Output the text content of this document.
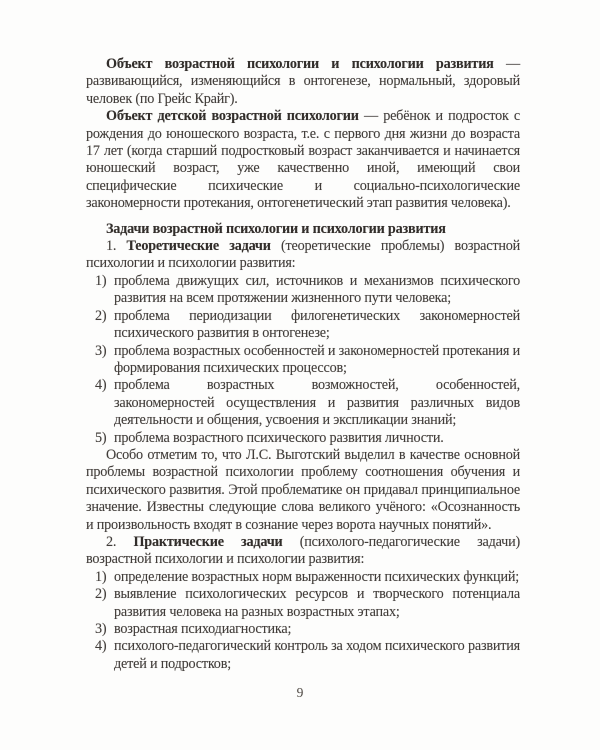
Объект возрастной психологии и психологии развития — развивающийся, изменяющийся в онтогенезе, нормальный, здоровый человек (по Грейс Крайг).

Объект детской возрастной психологии — ребёнок и подросток с рождения до юношеского возраста, т.е. с первого дня жизни до возраста 17 лет (когда старший подростковый возраст заканчивается и начинается юношеский возраст, уже качественно иной, имеющий свои специфические психические и социально-психологические закономерности протекания, онтогенетический этап развития человека).

Задачи возрастной психологии и психологии развития

1. Теоретические задачи (теоретические проблемы) возрастной психологии и психологии развития:

1) проблема движущих сил, источников и механизмов психического развития на всем протяжении жизненного пути человека;
2) проблема периодизации филогенетических закономерностей психического развития в онтогенезе;
3) проблема возрастных особенностей и закономерностей протекания и формирования психических процессов;
4) проблема возрастных возможностей, особенностей, закономерностей осуществления и развития различных видов деятельности и общения, усвоения и экспликации знаний;
5) проблема возрастного психического развития личности.

Особо отметим то, что Л.С. Выготский выделил в качестве основной проблемы возрастной психологии проблему соотношения обучения и психического развития. Этой проблематике он придавал принципиальное значение. Известны следующие слова великого учёного: «Осознанность и произвольность входят в сознание через ворота научных понятий».

2. Практические задачи (психолого-педагогические задачи) возрастной психологии и психологии развития:

1) определение возрастных норм выраженности психических функций;
2) выявление психологических ресурсов и творческого потенциала развития человека на разных возрастных этапах;
3) возрастная психодиагностика;
4) психолого-педагогический контроль за ходом психического развития детей и подростков;
9
